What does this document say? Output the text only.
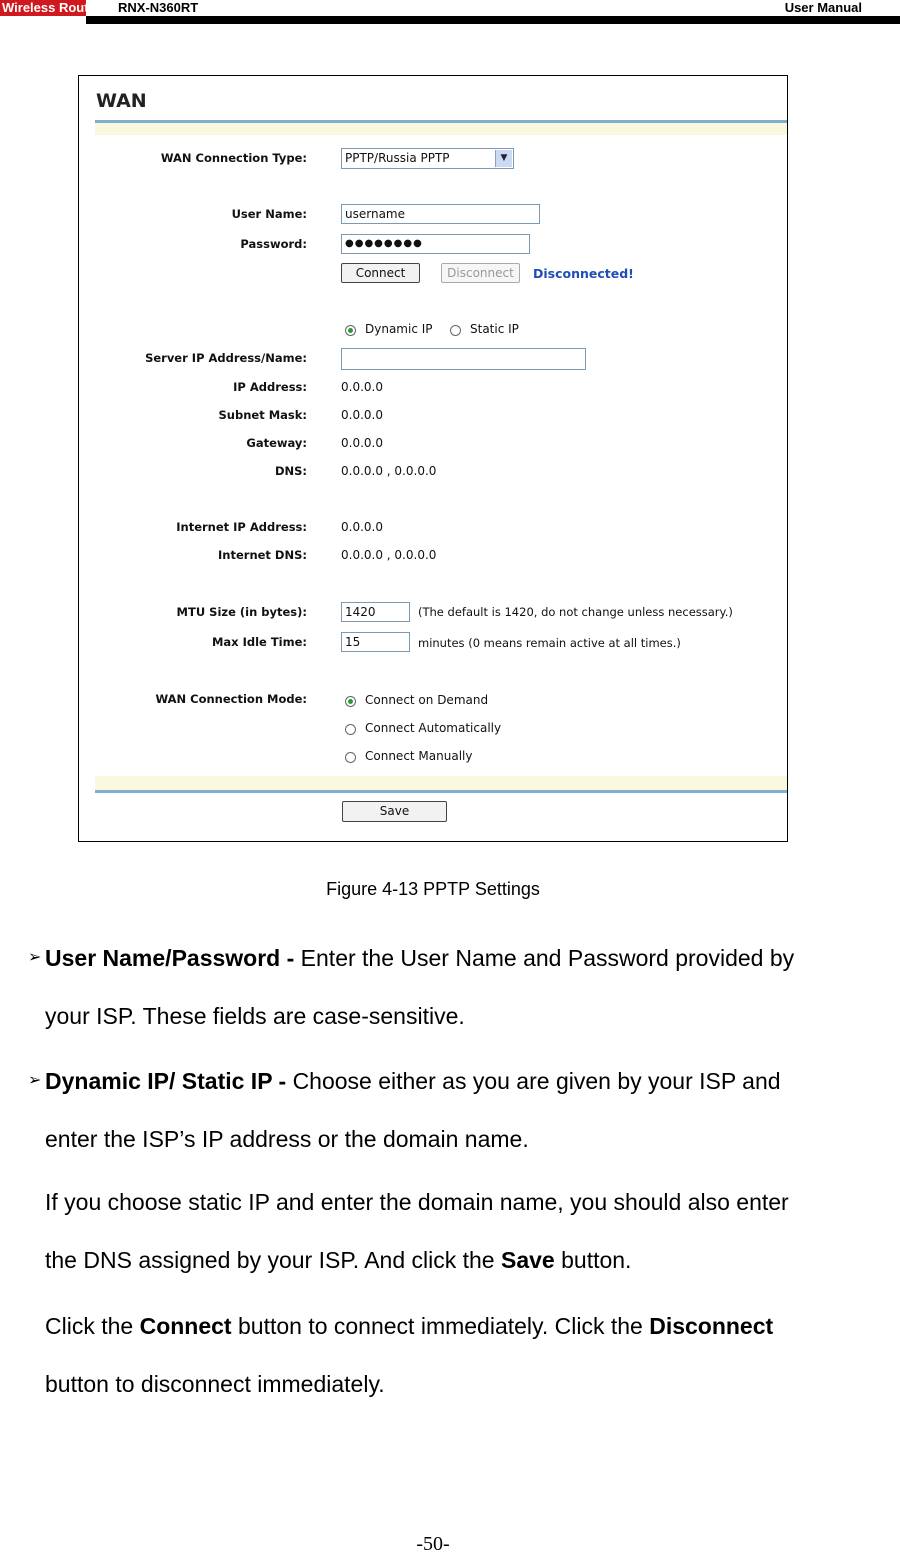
Wireless Router RNX-N360RT	User Manual
WAN
WAN Connection Type:	PPTP/Russia PPTP	▼
User Name:	username
Password:	●●●●●●●●
Connect	Disconnect	Disconnected!
Dynamic IP	Static IP
Server IP Address/Name:
IP Address:	0.0.0.0
Subnet Mask:	0.0.0.0
Gateway:	0.0.0.0
DNS:	0.0.0.0 , 0.0.0.0
Internet IP Address:	0.0.0.0
Internet DNS:	0.0.0.0 , 0.0.0.0
MTU Size (in bytes):	1420	(The default is 1420, do not change unless necessary.)
Max Idle Time:	15	minutes (0 means remain active at all times.)
WAN Connection Mode:	Connect on Demand
Connect Automatically
Connect Manually
Save
Figure 4-13 PPTP Settings
➢ User Name/Password - Enter the User Name and Password provided by
your ISP. These fields are case-sensitive.
➢ Dynamic IP/ Static IP - Choose either as you are given by your ISP and
enter the ISP’s IP address or the domain name.
If you choose static IP and enter the domain name, you should also enter
the DNS assigned by your ISP. And click the Save button.
Click the Connect button to connect immediately. Click the Disconnect
button to disconnect immediately.
-50-
